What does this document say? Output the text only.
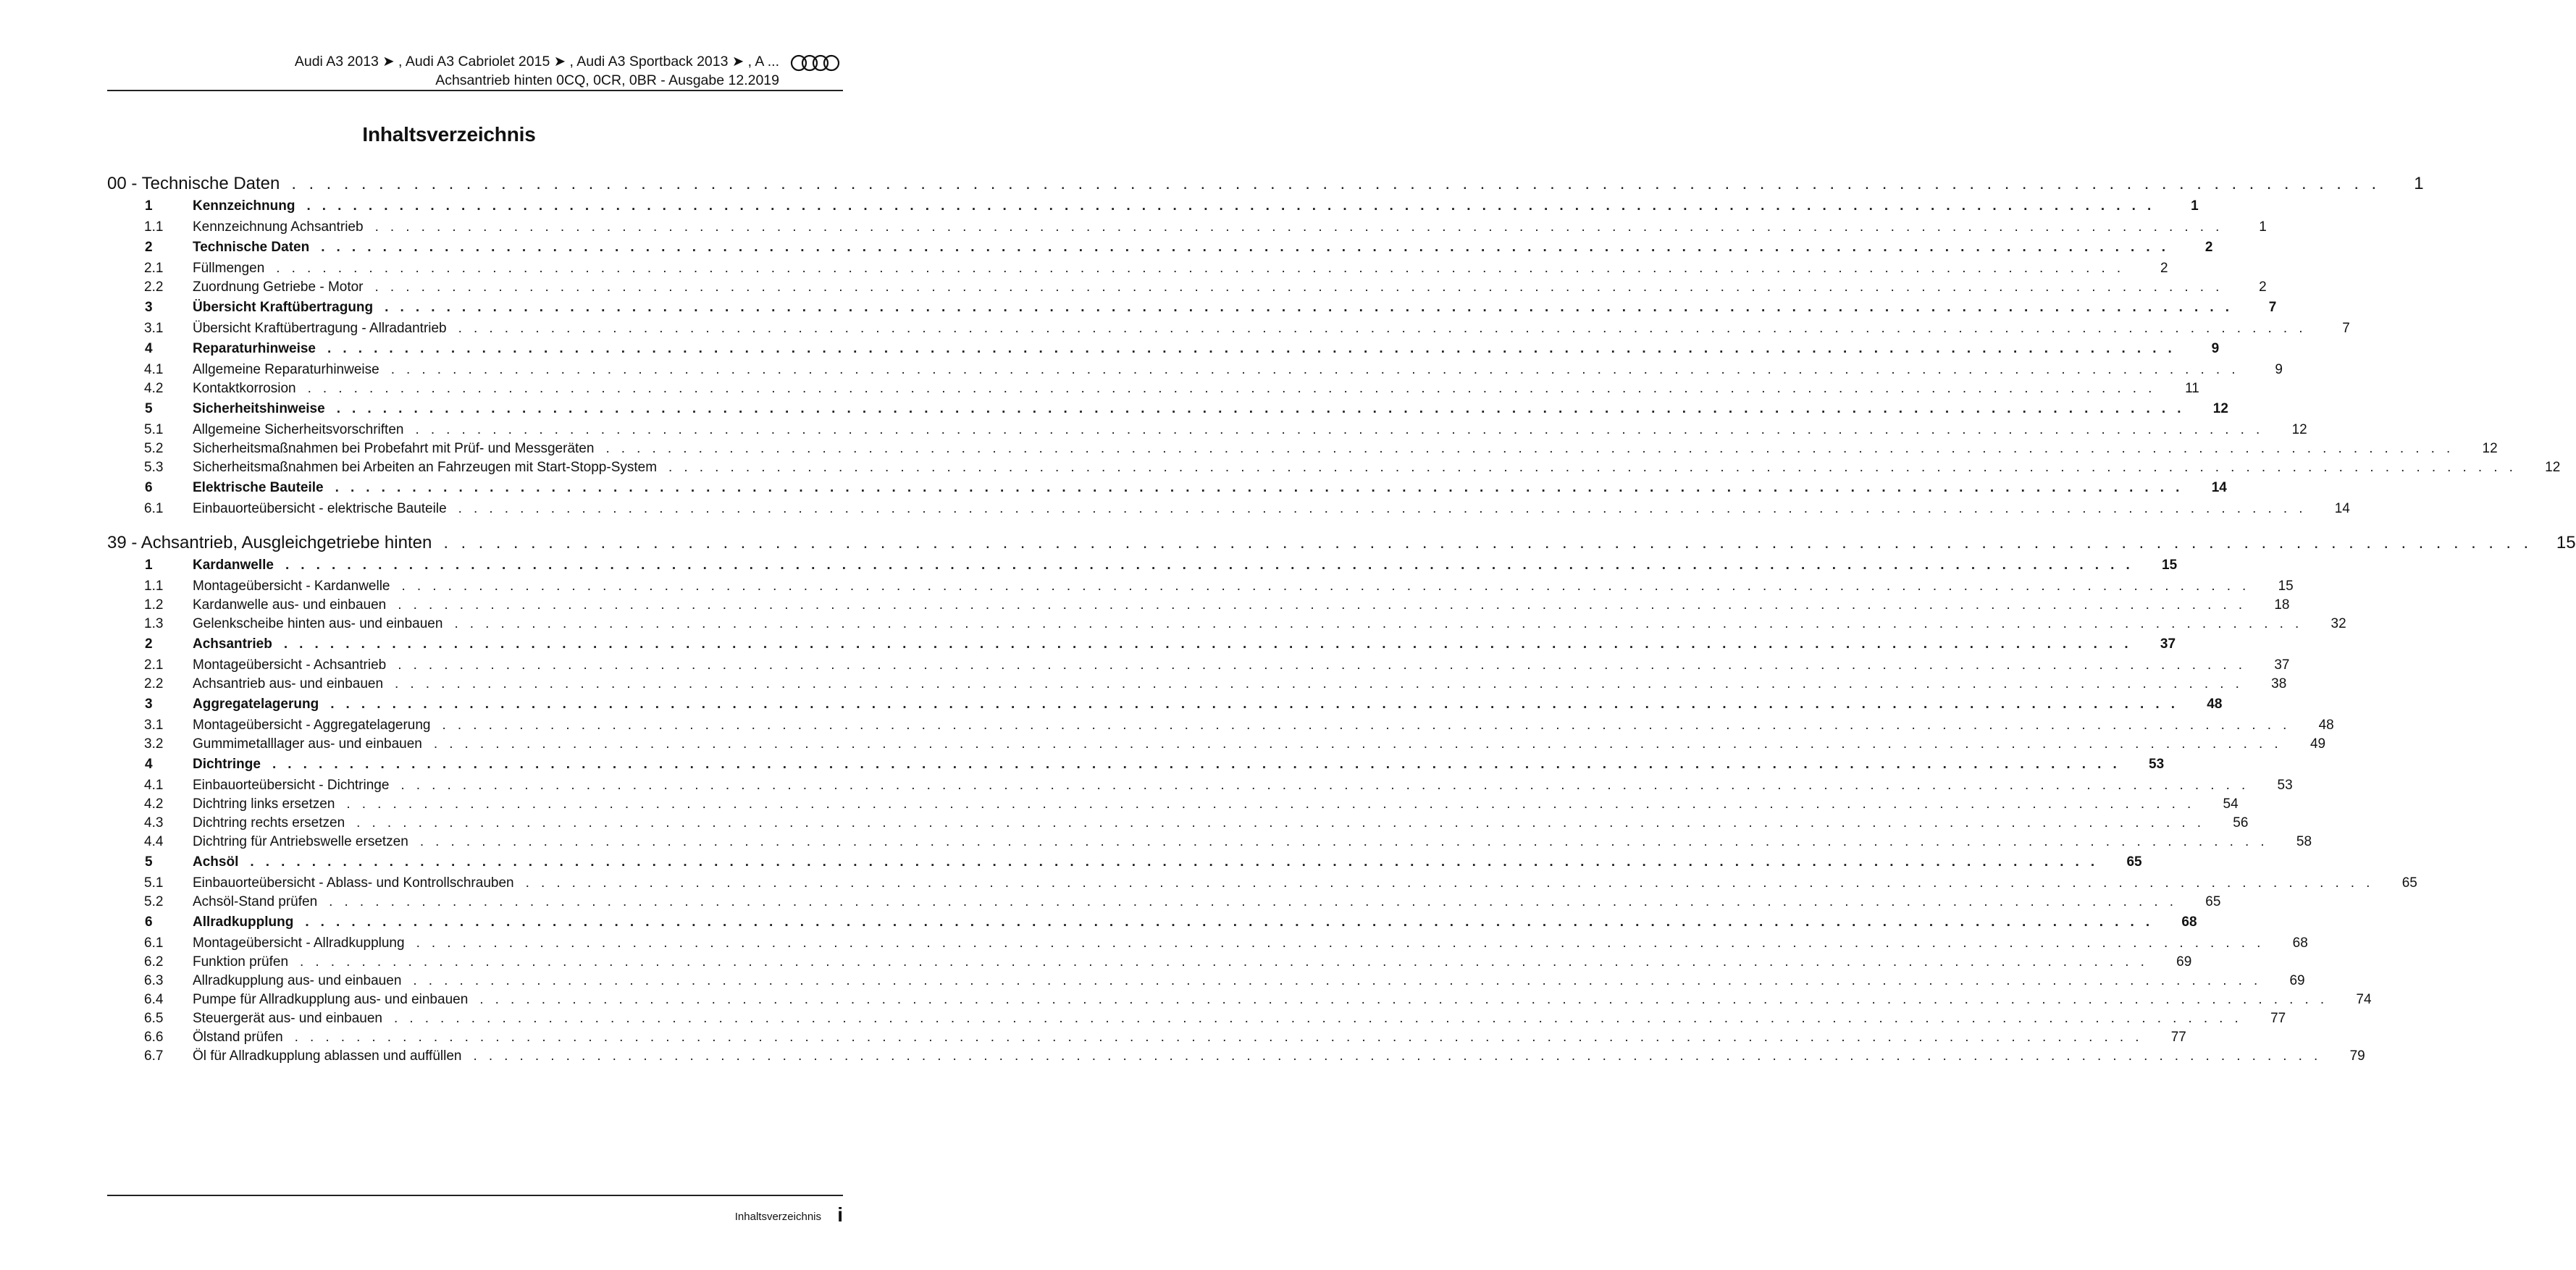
Audi A3 2013 ➤ , Audi A3 Cabriolet 2015 ➤ , Audi A3 Sportback 2013 ➤ , A ...
Achsantrieb hinten 0CQ, 0CR, 0BR - Ausgabe 12.2019
Inhaltsverzeichnis
00 - Technische Daten . . . . . . . . . . . . . . . . . . . . . . . . . . . . . . . . . . . . . . . . . . . . . . . . . . . . . . . . . . . . . . . . . . . . . . . . . . . . . . . . . . . . . . . . . . . . . . . . . . . . . . . . . . . . . . . . . . . . . . . .	1
1	Kennzeichnung . . . . . . . . . . . . . . . . . . . . . . . . . . . . . . . . . . . . . . . . . . . . . . . . . . . . . . . . . . . . . . . . . . . . . . . . . . . . . . . . . . . . . . . . . . . . . . . . . . . . . . . . . . . . . . . . . . . . . . . .	1
1.1	Kennzeichnung Achsantrieb . . . . . . . . . . . . . . . . . . . . . . . . . . . . . . . . . . . . . . . . . . . . . . . . . . . . . . . . . . . . . . . . . . . . . . . . . . . . . . . . . . . . . . . . . . . . . . . . . . . . . . . . . . . . . . . . . . . . . . . .	1
2	Technische Daten . . . . . . . . . . . . . . . . . . . . . . . . . . . . . . . . . . . . . . . . . . . . . . . . . . . . . . . . . . . . . . . . . . . . . . . . . . . . . . . . . . . . . . . . . . . . . . . . . . . . . . . . . . . . . . . . . . . . . . . .	2
2.1	Füllmengen . . . . . . . . . . . . . . . . . . . . . . . . . . . . . . . . . . . . . . . . . . . . . . . . . . . . . . . . . . . . . . . . . . . . . . . . . . . . . . . . . . . . . . . . . . . . . . . . . . . . . . . . . . . . . . . . . . . . . . . .	2
2.2	Zuordnung Getriebe - Motor . . . . . . . . . . . . . . . . . . . . . . . . . . . . . . . . . . . . . . . . . . . . . . . . . . . . . . . . . . . . . . . . . . . . . . . . . . . . . . . . . . . . . . . . . . . . . . . . . . . . . . . . . . . . . . . . . . . . . . . .	2
3	Übersicht Kraftübertragung . . . . . . . . . . . . . . . . . . . . . . . . . . . . . . . . . . . . . . . . . . . . . . . . . . . . . . . . . . . . . . . . . . . . . . . . . . . . . . . . . . . . . . . . . . . . . . . . . . . . . . . . . . . . . . . . . . . . . . . .	7
3.1	Übersicht Kraftübertragung - Allradantrieb . . . . . . . . . . . . . . . . . . . . . . . . . . . . . . . . . . . . . . . . . . . . . . . . . . . . . . . . . . . . . . . . . . . . . . . . . . . . . . . . . . . . . . . . . . . . . . . . . . . . . . . . . . . . . . . . . . . . . . . .	7
4	Reparaturhinweise . . . . . . . . . . . . . . . . . . . . . . . . . . . . . . . . . . . . . . . . . . . . . . . . . . . . . . . . . . . . . . . . . . . . . . . . . . . . . . . . . . . . . . . . . . . . . . . . . . . . . . . . . . . . . . . . . . . . . . . .	9
4.1	Allgemeine Reparaturhinweise . . . . . . . . . . . . . . . . . . . . . . . . . . . . . . . . . . . . . . . . . . . . . . . . . . . . . . . . . . . . . . . . . . . . . . . . . . . . . . . . . . . . . . . . . . . . . . . . . . . . . . . . . . . . . . . . . . . . . . . .	9
4.2	Kontaktkorrosion . . . . . . . . . . . . . . . . . . . . . . . . . . . . . . . . . . . . . . . . . . . . . . . . . . . . . . . . . . . . . . . . . . . . . . . . . . . . . . . . . . . . . . . . . . . . . . . . . . . . . . . . . . . . . . . . . . . . . . . .	11
5	Sicherheitshinweise . . . . . . . . . . . . . . . . . . . . . . . . . . . . . . . . . . . . . . . . . . . . . . . . . . . . . . . . . . . . . . . . . . . . . . . . . . . . . . . . . . . . . . . . . . . . . . . . . . . . . . . . . . . . . . . . . . . . . . . .	12
5.1	Allgemeine Sicherheitsvorschriften . . . . . . . . . . . . . . . . . . . . . . . . . . . . . . . . . . . . . . . . . . . . . . . . . . . . . . . . . . . . . . . . . . . . . . . . . . . . . . . . . . . . . . . . . . . . . . . . . . . . . . . . . . . . . . . . . . . . . . . .	12
5.2	Sicherheitsmaßnahmen bei Probefahrt mit Prüf- und Messgeräten . . . . . . . . . . . . . . . . . . . . . . . . . . . . . . . . . . . . . . . . . . . . . . . . . . . . . . . . . . . . . . . . . . . . . . . . . . . . . . . . . . . . . . . . . . . . . . . . . . . . . . . . . . . . . . . . . . . . . . . .	12
5.3	Sicherheitsmaßnahmen bei Arbeiten an Fahrzeugen mit Start-Stopp-System . . . . . . . . . . . . . . . . . . . . . . . . . . . . . . . . . . . . . . . . . . . . . . . . . . . . . . . . . . . . . . . . . . . . . . . . . . . . . . . . . . . . . . . . . . . . . . . . . . . . . . . . . . . . . . . . . . . . . . . .	12
6	Elektrische Bauteile . . . . . . . . . . . . . . . . . . . . . . . . . . . . . . . . . . . . . . . . . . . . . . . . . . . . . . . . . . . . . . . . . . . . . . . . . . . . . . . . . . . . . . . . . . . . . . . . . . . . . . . . . . . . . . . . . . . . . . . .	14
6.1	Einbauorteübersicht - elektrische Bauteile . . . . . . . . . . . . . . . . . . . . . . . . . . . . . . . . . . . . . . . . . . . . . . . . . . . . . . . . . . . . . . . . . . . . . . . . . . . . . . . . . . . . . . . . . . . . . . . . . . . . . . . . . . . . . . . . . . . . . . . .	14
39 - Achsantrieb, Ausgleichgetriebe hinten . . . . . . . . . . . . . . . . . . . . . . . . . . . . . . . . . . . . . . . . . . . . . . . . . . . . . . . . . . . . . . . . . . . . . . . . . . . . . . . . . . . . . . . . . . . . . . . . . . . . . . . . . . . . . . . . . . . . . . . .	15
1	Kardanwelle . . . . . . . . . . . . . . . . . . . . . . . . . . . . . . . . . . . . . . . . . . . . . . . . . . . . . . . . . . . . . . . . . . . . . . . . . . . . . . . . . . . . . . . . . . . . . . . . . . . . . . . . . . . . . . . . . . . . . . . .	15
1.1	Montageübersicht - Kardanwelle . . . . . . . . . . . . . . . . . . . . . . . . . . . . . . . . . . . . . . . . . . . . . . . . . . . . . . . . . . . . . . . . . . . . . . . . . . . . . . . . . . . . . . . . . . . . . . . . . . . . . . . . . . . . . . . . . . . . . . . .	15
1.2	Kardanwelle aus- und einbauen . . . . . . . . . . . . . . . . . . . . . . . . . . . . . . . . . . . . . . . . . . . . . . . . . . . . . . . . . . . . . . . . . . . . . . . . . . . . . . . . . . . . . . . . . . . . . . . . . . . . . . . . . . . . . . . . . . . . . . . .	18
1.3	Gelenkscheibe hinten aus- und einbauen . . . . . . . . . . . . . . . . . . . . . . . . . . . . . . . . . . . . . . . . . . . . . . . . . . . . . . . . . . . . . . . . . . . . . . . . . . . . . . . . . . . . . . . . . . . . . . . . . . . . . . . . . . . . . . . . . . . . . . . .	32
2	Achsantrieb . . . . . . . . . . . . . . . . . . . . . . . . . . . . . . . . . . . . . . . . . . . . . . . . . . . . . . . . . . . . . . . . . . . . . . . . . . . . . . . . . . . . . . . . . . . . . . . . . . . . . . . . . . . . . . . . . . . . . . . .	37
2.1	Montageübersicht - Achsantrieb . . . . . . . . . . . . . . . . . . . . . . . . . . . . . . . . . . . . . . . . . . . . . . . . . . . . . . . . . . . . . . . . . . . . . . . . . . . . . . . . . . . . . . . . . . . . . . . . . . . . . . . . . . . . . . . . . . . . . . . .	37
2.2	Achsantrieb aus- und einbauen . . . . . . . . . . . . . . . . . . . . . . . . . . . . . . . . . . . . . . . . . . . . . . . . . . . . . . . . . . . . . . . . . . . . . . . . . . . . . . . . . . . . . . . . . . . . . . . . . . . . . . . . . . . . . . . . . . . . . . . .	38
3	Aggregatelagerung . . . . . . . . . . . . . . . . . . . . . . . . . . . . . . . . . . . . . . . . . . . . . . . . . . . . . . . . . . . . . . . . . . . . . . . . . . . . . . . . . . . . . . . . . . . . . . . . . . . . . . . . . . . . . . . . . . . . . . . .	48
3.1	Montageübersicht - Aggregatelagerung . . . . . . . . . . . . . . . . . . . . . . . . . . . . . . . . . . . . . . . . . . . . . . . . . . . . . . . . . . . . . . . . . . . . . . . . . . . . . . . . . . . . . . . . . . . . . . . . . . . . . . . . . . . . . . . . . . . . . . . .	48
3.2	Gummimetalllager aus- und einbauen . . . . . . . . . . . . . . . . . . . . . . . . . . . . . . . . . . . . . . . . . . . . . . . . . . . . . . . . . . . . . . . . . . . . . . . . . . . . . . . . . . . . . . . . . . . . . . . . . . . . . . . . . . . . . . . . . . . . . . . .	49
4	Dichtringe . . . . . . . . . . . . . . . . . . . . . . . . . . . . . . . . . . . . . . . . . . . . . . . . . . . . . . . . . . . . . . . . . . . . . . . . . . . . . . . . . . . . . . . . . . . . . . . . . . . . . . . . . . . . . . . . . . . . . . . .	53
4.1	Einbauorteübersicht - Dichtringe . . . . . . . . . . . . . . . . . . . . . . . . . . . . . . . . . . . . . . . . . . . . . . . . . . . . . . . . . . . . . . . . . . . . . . . . . . . . . . . . . . . . . . . . . . . . . . . . . . . . . . . . . . . . . . . . . . . . . . . .	53
4.2	Dichtring links ersetzen . . . . . . . . . . . . . . . . . . . . . . . . . . . . . . . . . . . . . . . . . . . . . . . . . . . . . . . . . . . . . . . . . . . . . . . . . . . . . . . . . . . . . . . . . . . . . . . . . . . . . . . . . . . . . . . . . . . . . . . .	54
4.3	Dichtring rechts ersetzen . . . . . . . . . . . . . . . . . . . . . . . . . . . . . . . . . . . . . . . . . . . . . . . . . . . . . . . . . . . . . . . . . . . . . . . . . . . . . . . . . . . . . . . . . . . . . . . . . . . . . . . . . . . . . . . . . . . . . . . .	56
4.4	Dichtring für Antriebswelle ersetzen . . . . . . . . . . . . . . . . . . . . . . . . . . . . . . . . . . . . . . . . . . . . . . . . . . . . . . . . . . . . . . . . . . . . . . . . . . . . . . . . . . . . . . . . . . . . . . . . . . . . . . . . . . . . . . . . . . . . . . . .	58
5	Achsöl . . . . . . . . . . . . . . . . . . . . . . . . . . . . . . . . . . . . . . . . . . . . . . . . . . . . . . . . . . . . . . . . . . . . . . . . . . . . . . . . . . . . . . . . . . . . . . . . . . . . . . . . . . . . . . . . . . . . . . . .	65
5.1	Einbauorteübersicht - Ablass- und Kontrollschrauben . . . . . . . . . . . . . . . . . . . . . . . . . . . . . . . . . . . . . . . . . . . . . . . . . . . . . . . . . . . . . . . . . . . . . . . . . . . . . . . . . . . . . . . . . . . . . . . . . . . . . . . . . . . . . . . . . . . . . . . .	65
5.2	Achsöl-Stand prüfen . . . . . . . . . . . . . . . . . . . . . . . . . . . . . . . . . . . . . . . . . . . . . . . . . . . . . . . . . . . . . . . . . . . . . . . . . . . . . . . . . . . . . . . . . . . . . . . . . . . . . . . . . . . . . . . . . . . . . . . .	65
6	Allradkupplung . . . . . . . . . . . . . . . . . . . . . . . . . . . . . . . . . . . . . . . . . . . . . . . . . . . . . . . . . . . . . . . . . . . . . . . . . . . . . . . . . . . . . . . . . . . . . . . . . . . . . . . . . . . . . . . . . . . . . . . .	68
6.1	Montageübersicht - Allradkupplung . . . . . . . . . . . . . . . . . . . . . . . . . . . . . . . . . . . . . . . . . . . . . . . . . . . . . . . . . . . . . . . . . . . . . . . . . . . . . . . . . . . . . . . . . . . . . . . . . . . . . . . . . . . . . . . . . . . . . . . .	68
6.2	Funktion prüfen . . . . . . . . . . . . . . . . . . . . . . . . . . . . . . . . . . . . . . . . . . . . . . . . . . . . . . . . . . . . . . . . . . . . . . . . . . . . . . . . . . . . . . . . . . . . . . . . . . . . . . . . . . . . . . . . . . . . . . . .	69
6.3	Allradkupplung aus- und einbauen . . . . . . . . . . . . . . . . . . . . . . . . . . . . . . . . . . . . . . . . . . . . . . . . . . . . . . . . . . . . . . . . . . . . . . . . . . . . . . . . . . . . . . . . . . . . . . . . . . . . . . . . . . . . . . . . . . . . . . . .	69
6.4	Pumpe für Allradkupplung aus- und einbauen . . . . . . . . . . . . . . . . . . . . . . . . . . . . . . . . . . . . . . . . . . . . . . . . . . . . . . . . . . . . . . . . . . . . . . . . . . . . . . . . . . . . . . . . . . . . . . . . . . . . . . . . . . . . . . . . . . . . . . . .	74
6.5	Steuergerät aus- und einbauen . . . . . . . . . . . . . . . . . . . . . . . . . . . . . . . . . . . . . . . . . . . . . . . . . . . . . . . . . . . . . . . . . . . . . . . . . . . . . . . . . . . . . . . . . . . . . . . . . . . . . . . . . . . . . . . . . . . . . . . .	77
6.6	Ölstand prüfen . . . . . . . . . . . . . . . . . . . . . . . . . . . . . . . . . . . . . . . . . . . . . . . . . . . . . . . . . . . . . . . . . . . . . . . . . . . . . . . . . . . . . . . . . . . . . . . . . . . . . . . . . . . . . . . . . . . . . . . .	77
6.7	Öl für Allradkupplung ablassen und auffüllen . . . . . . . . . . . . . . . . . . . . . . . . . . . . . . . . . . . . . . . . . . . . . . . . . . . . . . . . . . . . . . . . . . . . . . . . . . . . . . . . . . . . . . . . . . . . . . . . . . . . . . . . . . . . . . . . . . . . . . . .	79
Inhaltsverzeichnis i
